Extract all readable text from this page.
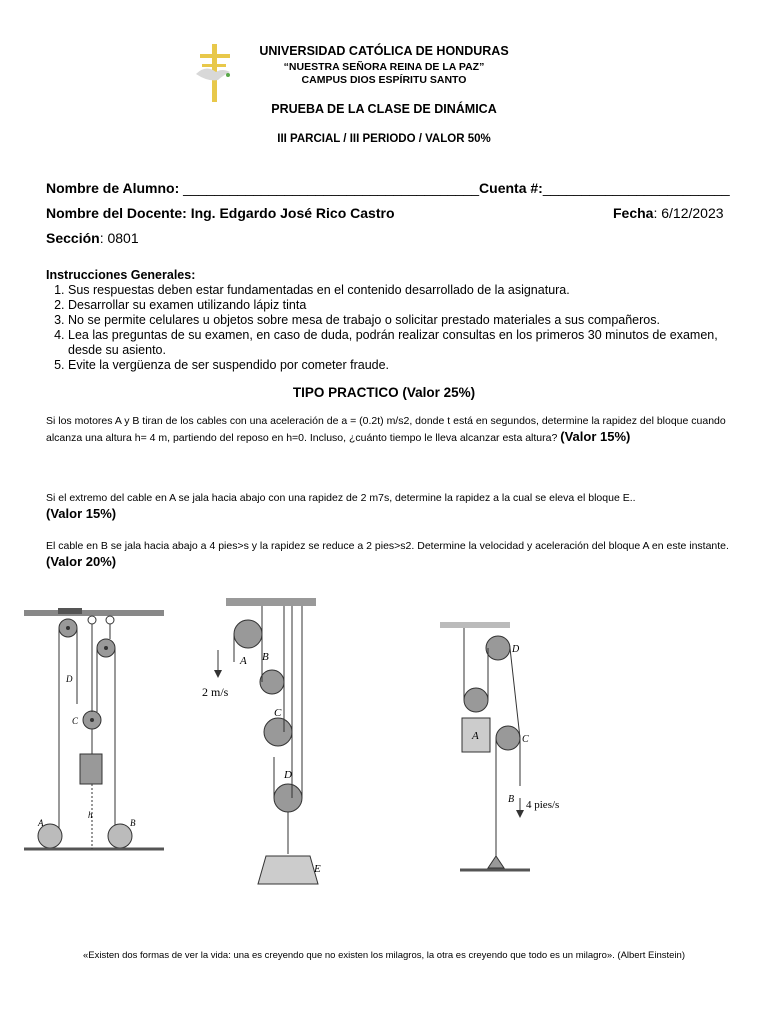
UNIVERSIDAD CATÓLICA DE HONDURAS
“NUESTRA SEÑORA REINA DE LA PAZ”
CAMPUS DIOS ESPÍRITU SANTO
PRUEBA DE LA CLASE DE DINÁMICA
III PARCIAL / III PERIODO / VALOR 50%
Nombre de Alumno: ______________________________________Cuenta #:________________________
Nombre del Docente: Ing. Edgardo José Rico Castro	Fecha: 6/12/2023
Sección: 0801
Instrucciones Generales:
1. Sus respuestas deben estar fundamentadas en el contenido desarrollado de la asignatura.
2. Desarrollar su examen utilizando lápiz tinta
3. No se permite celulares u objetos sobre mesa de trabajo o solicitar prestado materiales a sus compañeros.
4. Lea las preguntas de su examen, en caso de duda, podrán realizar consultas en los primeros 30 minutos de examen, desde su asiento.
5. Evite la vergüenza de ser suspendido por cometer fraude.
TIPO PRACTICO (Valor 25%)
Si los motores A y B tiran de los cables con una aceleración de a = (0.2t) m/s2, donde t está en segundos, determine la rapidez del bloque cuando alcanza una altura h= 4 m, partiendo del reposo en h=0. Incluso, ¿cuánto tiempo le lleva alcanzar esta altura? (Valor 15%)
Si el extremo del cable en A se jala hacia abajo con una rapidez de 2 m7s, determine la rapidez a la cual se eleva el bloque E..
(Valor 15%)
El cable en B se jala hacia abajo a 4 pies>s y la rapidez se reduce a 2 pies>s2. Determine la velocidad y aceleración del bloque A en este instante. (Valor 20%)
D
C
A	B
h
2 m/s
A B
C
D
E
D
A	C
B 4 pies/s
«Existen dos formas de ver la vida: una es creyendo que no existen los milagros, la otra es creyendo que todo es un milagro». (Albert Einstein)
